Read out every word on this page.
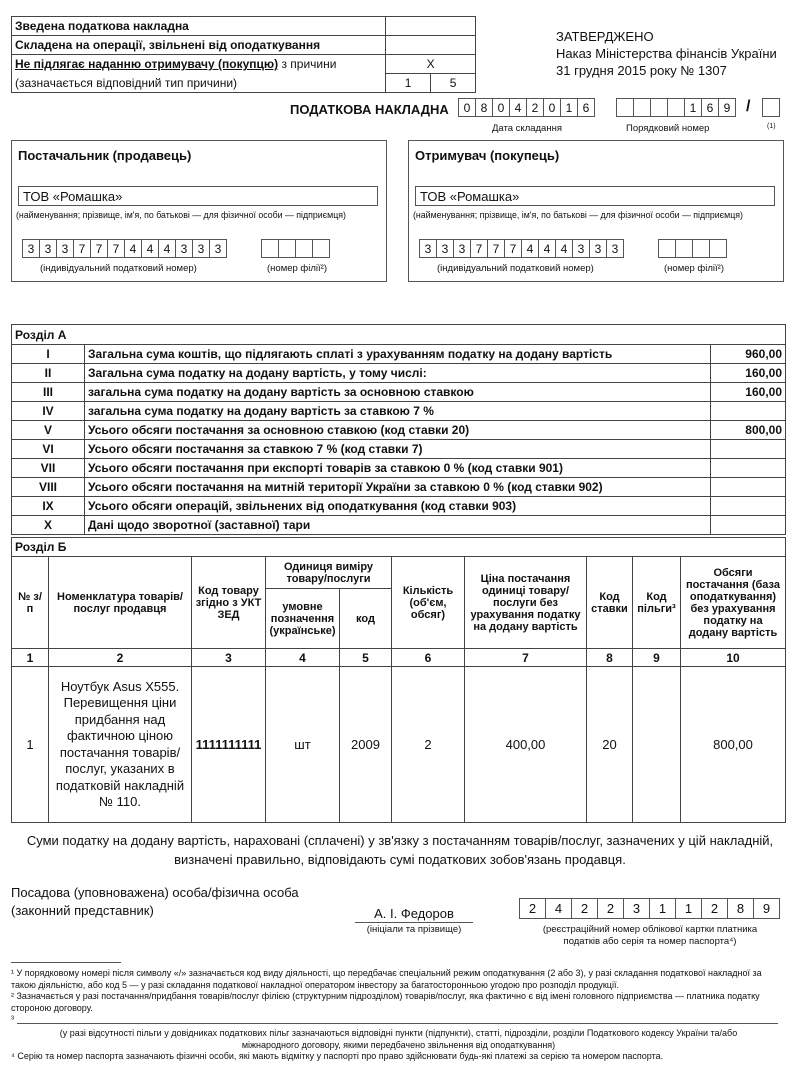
Зведена податкова накладна		
Складена на операції, звільнені від оподаткування		
Не підлягає наданню отримувачу (покупцю) з причини	X	
(зазначається відповідний тип причини)	1	5
ЗАТВЕРДЖЕНО
Наказ Міністерства фінансів України
31 грудня 2015 року № 1307
ПОДАТКОВА НАКЛАДНА	0 8 0 4 2 0 1 6
Дата складання
1 6 9 /
Порядковий номер	(1)
Постачальник (продавець)
ТОВ «Ромашка»
(найменування; прізвище, ім'я, по батькові — для фізичної особи — підприємця)
3 3 3 7 7 7 4 4 4 3 3 3
(індивідуальний податковий номер)	(номер філії²)
Отримувач (покупець)
ТОВ «Ромашка»
(найменування; прізвище, ім'я, по батькові — для фізичної особи — підприємця)
3 3 3 7 7 7 4 4 4 3 3 3
(індивідуальний податковий номер)	(номер філії²)
Розділ А		
I	Загальна сума коштів, що підлягають сплаті з урахуванням податку на додану вартість	960,00
II	Загальна сума податку на додану вартість, у тому числі:	160,00
III	загальна сума податку на додану вартість за основною ставкою	160,00
IV	загальна сума податку на додану вартість за ставкою 7 %	
V	Усього обсяги постачання за основною ставкою (код ставки 20)	800,00
VI	Усього обсяги постачання за ставкою 7 % (код ставки 7)	
VII	Усього обсяги постачання при експорті товарів за ставкою 0 % (код ставки 901)	
VIII	Усього обсяги постачання на митній території України за ставкою 0 % (код ставки 902)	
IX	Усього обсяги операцій, звільнених від оподаткування (код ставки 903)	
X	Дані щодо зворотної (заставної) тари	
Розділ Б									
№ з/п	Номенклатура товарів/послуг продавця	Код товару згідно з УКТ ЗЕД	Одиниця виміру товару/послуги		Кількість (об'єм, обсяг)	Ціна постачання одиниці товару/послуги без урахування податку на додану вартість	Код ставки	Код пільги³	Обсяги постачання (база оподаткування) без урахування податку на додану вартість
			умовне позначення (українське)	код					
1	2	3	4	5	6	7	8	9	10
1	Ноутбук Asus X555. Перевищення ціни придбання над фактичною ціною постачання товарів/послуг, указаних в податковій накладній № 110.	1111111111	шт	2009	2	400,00	20		800,00
Суми податку на додану вартість, нараховані (сплачені) у зв'язку з постачанням товарів/послуг, зазначених у цій накладній, визначені правильно, відповідають сумі податкових зобов'язань продавця.
Посадова (уповноважена) особа/фізична особа
(законний представник)	А. І. Федоров
(ініціали та прізвище)
2	4	2	2	3	1	1	2	8	9
(реєстраційний номер облікової картки платника
податків або серія та номер паспорта⁴)
¹ У порядковому номері після символу «/» зазначається код виду діяльності, що передбачає спеціальний режим оподаткування (2 або 3), у разі складання податкової накладної за такою діяльністю, або код 5 — у разі складання податкової накладної оператором інвестору за багатосторонньою угодою про розподіл продукції.
² Зазначається у разі постачання/придбання товарів/послуг філією (структурним підрозділом) товарів/послуг, яка фактично є від імені головного підприємства — платника податку стороною договору.
³
(у разі відсутності пільги у довідниках податкових пільг зазначаються відповідні пункти (підпункти), статті, підрозділи, розділи Податкового кодексу України та/або міжнародного договору, якими передбачено звільнення від оподаткування)
⁴ Серію та номер паспорта зазначають фізичні особи, які мають відмітку у паспорті про право здійснювати будь-які платежі за серією та номером паспорта.
